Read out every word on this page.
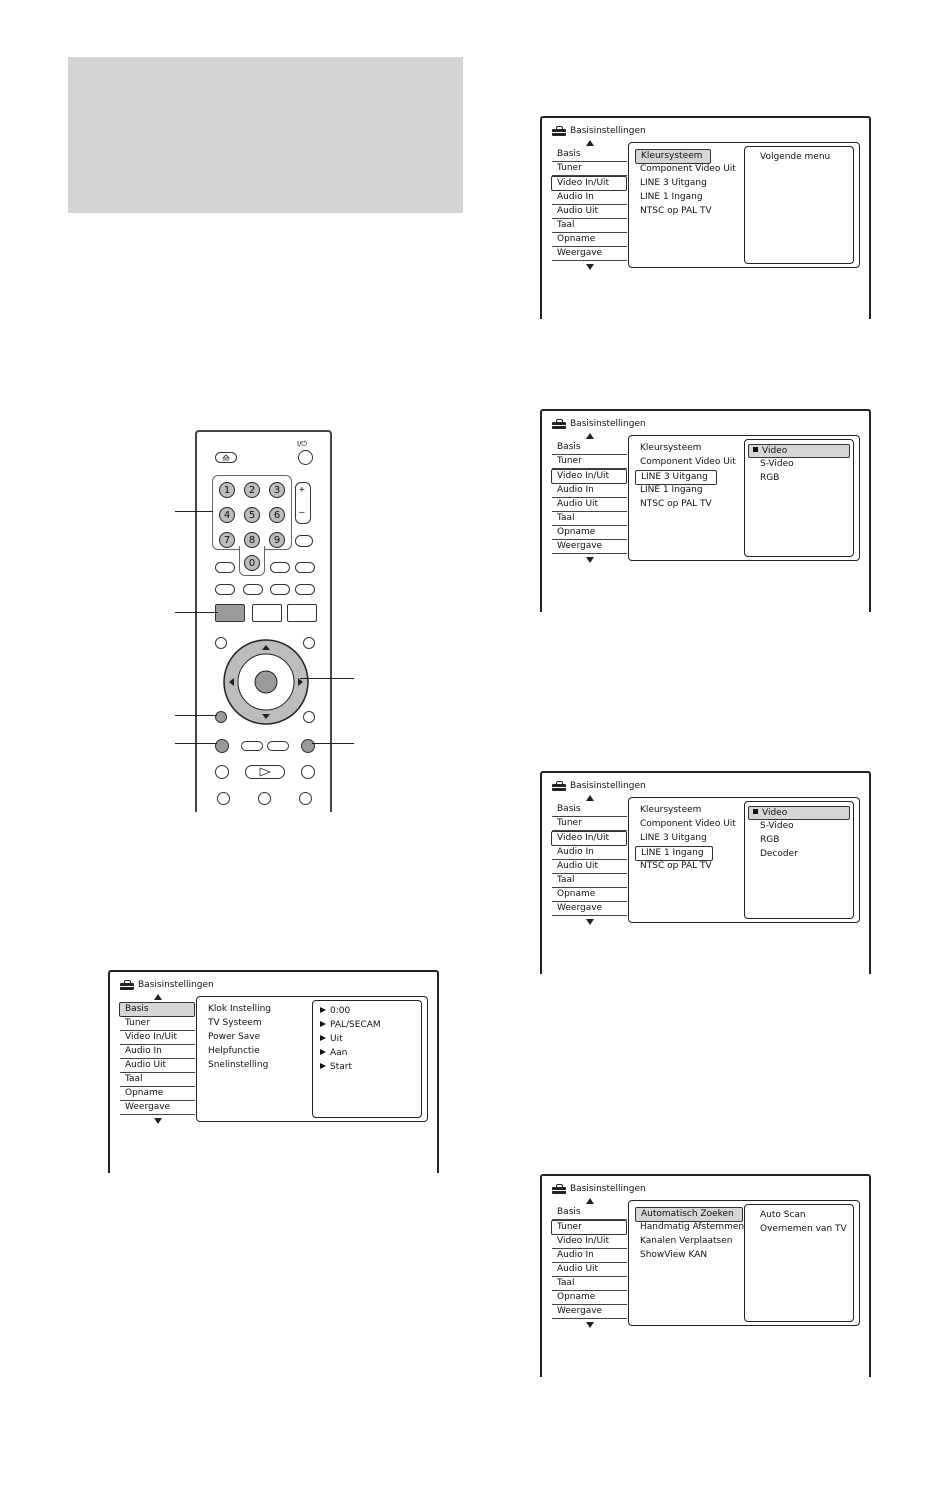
I/⏻
1	2	3
4	5	6
7	8	9
0
+
–
Basisinstellingen
Basis
Tuner
Video In/Uit
Audio In
Audio Uit
Taal
Opname
Weergave
Klok Instelling
TV Systeem
Power Save
Helpfunctie
Snelinstelling
0:00
PAL/SECAM
Uit
Aan
Start
Basisinstellingen
Basis
Tuner
Video In/Uit
Audio In
Audio Uit
Taal
Opname
Weergave
Kleursysteem
Component Video Uit
LINE 3 Uitgang
LINE 1 Ingang
NTSC op PAL TV
Volgende menu
Basisinstellingen
Basis
Tuner
Video In/Uit
Audio In
Audio Uit
Taal
Opname
Weergave
Kleursysteem
Component Video Uit
LINE 3 Uitgang
LINE 1 Ingang
NTSC op PAL TV
Video
S-Video
RGB
Basisinstellingen
Basis
Tuner
Video In/Uit
Audio In
Audio Uit
Taal
Opname
Weergave
Kleursysteem
Component Video Uit
LINE 3 Uitgang
LINE 1 Ingang
NTSC op PAL TV
Video
S-Video
RGB
Decoder
Basisinstellingen
Basis
Tuner
Video In/Uit
Audio In
Audio Uit
Taal
Opname
Weergave
Automatisch Zoeken
Handmatig Afstemmen
Kanalen Verplaatsen
ShowView KAN
Auto Scan
Overnemen van TV
